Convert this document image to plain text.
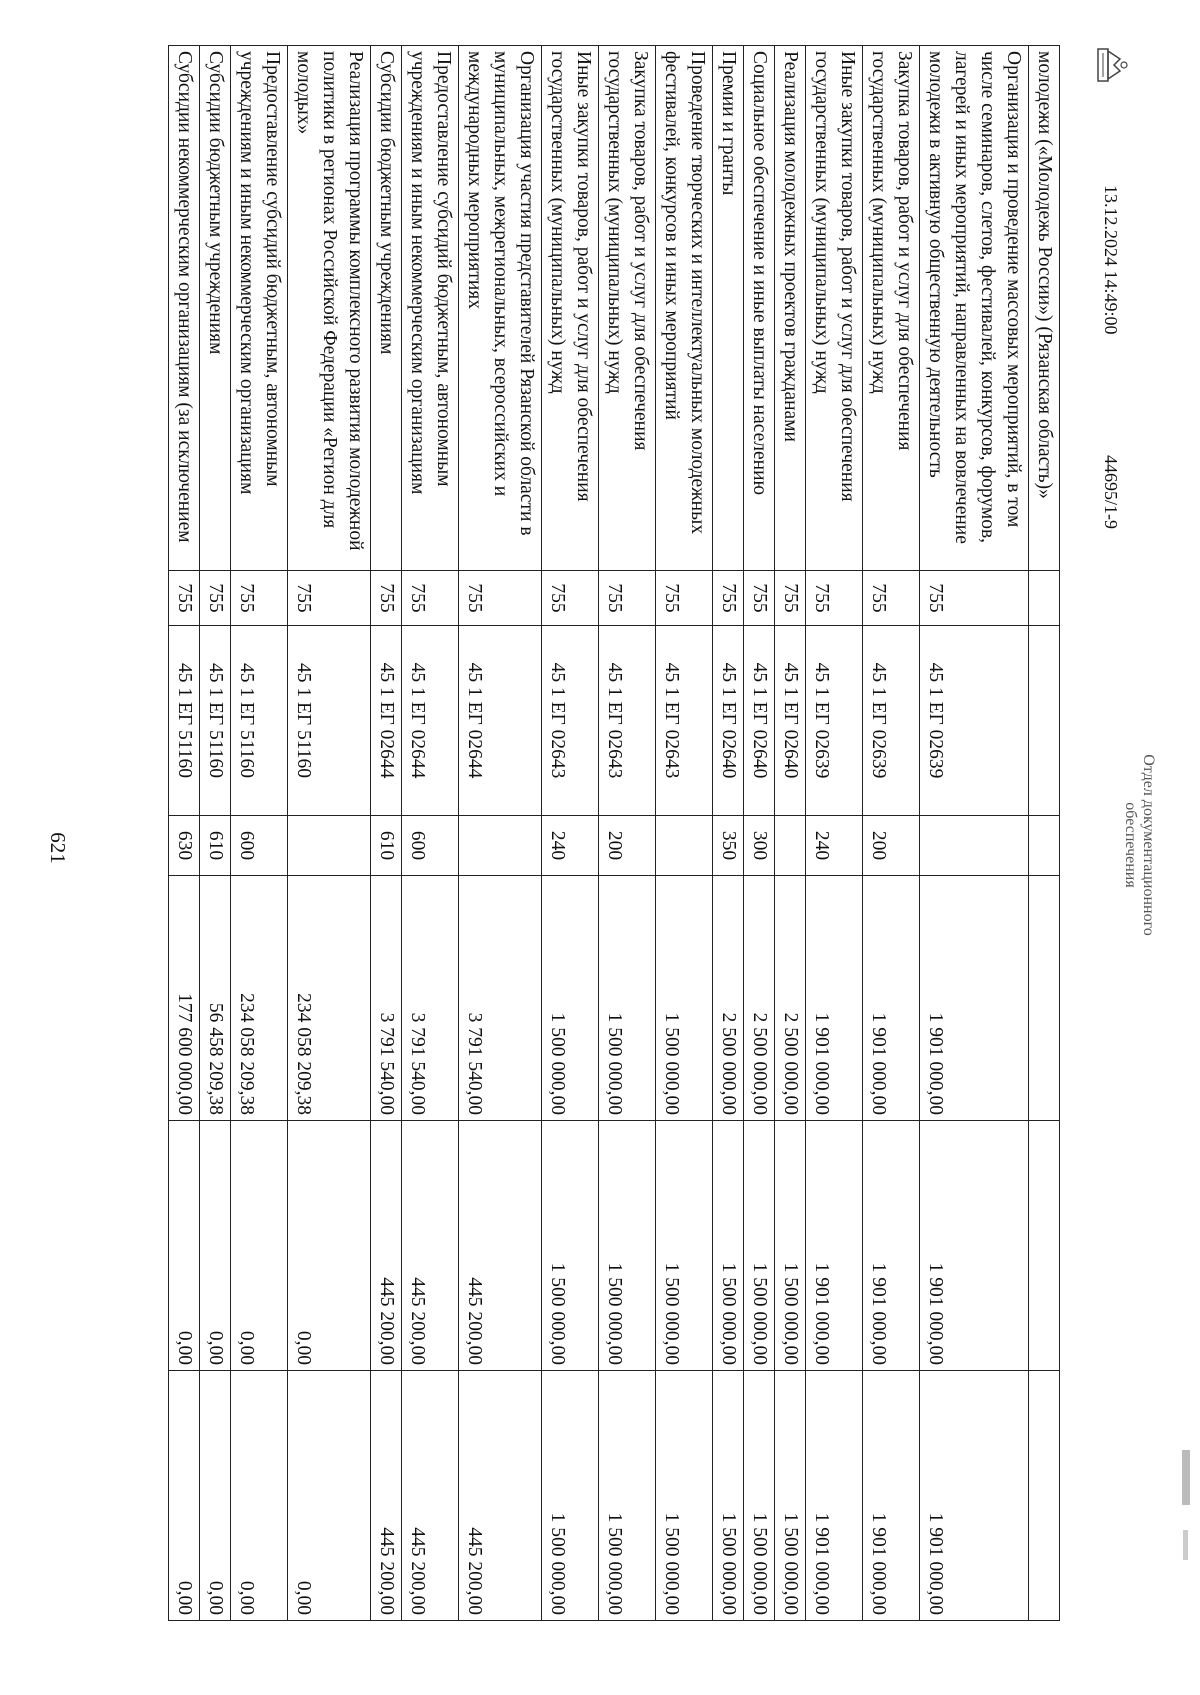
13.12.2024 14:49:00
44695/1-9
Отдел документационного
обеспечения
молодежи («Молодежь России») (Рязанская область)»						
Организация и проведение массовых мероприятий, в том числе семинаров, слетов, фестивалей, конкурсов, форумов, лагерей и иных мероприятий, направленных на вовлечение молодежи в активную общественную деятельность	755	45 1 ЕГ 02639		1 901 000,00	1 901 000,00	1 901 000,00
Закупка товаров, работ и услуг для обеспечения государственных (муниципальных) нужд	755	45 1 ЕГ 02639	200	1 901 000,00	1 901 000,00	1 901 000,00
Иные закупки товаров, работ и услуг для обеспечения государственных (муниципальных) нужд	755	45 1 ЕГ 02639	240	1 901 000,00	1 901 000,00	1 901 000,00
Реализация молодежных проектов гражданами	755	45 1 ЕГ 02640		2 500 000,00	1 500 000,00	1 500 000,00
Социальное обеспечение и иные выплаты населению	755	45 1 ЕГ 02640	300	2 500 000,00	1 500 000,00	1 500 000,00
Премии и гранты	755	45 1 ЕГ 02640	350	2 500 000,00	1 500 000,00	1 500 000,00
Проведение творческих и интеллектуальных молодежных фестивалей, конкурсов и иных мероприятий	755	45 1 ЕГ 02643		1 500 000,00	1 500 000,00	1 500 000,00
Закупка товаров, работ и услуг для обеспечения государственных (муниципальных) нужд	755	45 1 ЕГ 02643	200	1 500 000,00	1 500 000,00	1 500 000,00
Иные закупки товаров, работ и услуг для обеспечения государственных (муниципальных) нужд	755	45 1 ЕГ 02643	240	1 500 000,00	1 500 000,00	1 500 000,00
Организация участия представителей Рязанской области в муниципальных, межрегиональных, всероссийских и международных мероприятиях	755	45 1 ЕГ 02644		3 791 540,00	445 200,00	445 200,00
Предоставление субсидий бюджетным, автономным учреждениям и иным некоммерческим организациям	755	45 1 ЕГ 02644	600	3 791 540,00	445 200,00	445 200,00
Субсидии бюджетным учреждениям	755	45 1 ЕГ 02644	610	3 791 540,00	445 200,00	445 200,00
Реализация программы комплексного развития молодежной политики в регионах Российской Федерации «Регион для молодых»	755	45 1 ЕГ 51160		234 058 209,38	0,00	0,00
Предоставление субсидий бюджетным, автономным учреждениям и иным некоммерческим организациям	755	45 1 ЕГ 51160	600	234 058 209,38	0,00	0,00
Субсидии бюджетным учреждениям	755	45 1 ЕГ 51160	610	56 458 209,38	0,00	0,00
Субсидии некоммерческим организациям (за исключением	755	45 1 ЕГ 51160	630	177 600 000,00	0,00	0,00
621
